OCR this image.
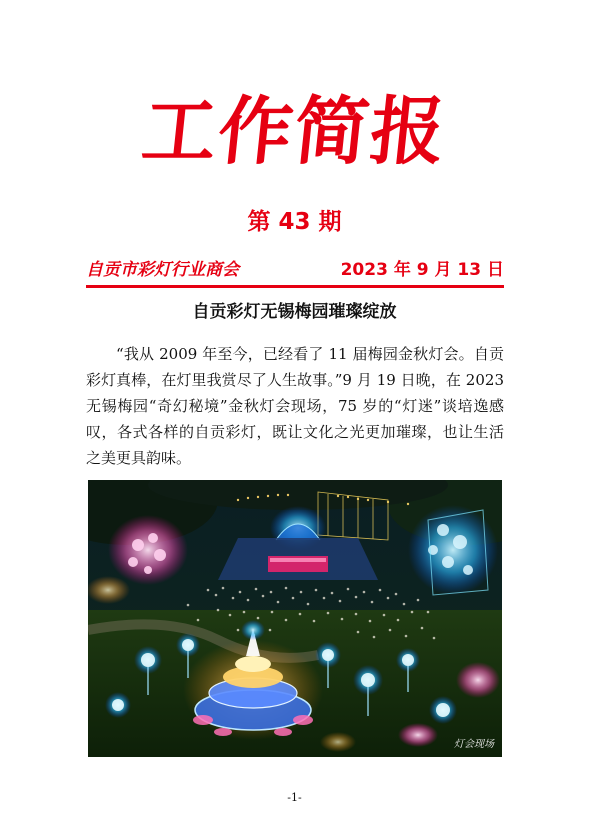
工作简报
第 43 期
自贡市彩灯行业商会	2023 年 9 月 13 日
自贡彩灯无锡梅园璀璨绽放

“我从 2009 年至今，已经看了 11 届梅园金秋灯会。自贡彩灯真棒，在灯里我赏尽了人生故事。”9 月 19 日晚，在 2023 无锡梅园“奇幻秘境”金秋灯会现场，75 岁的“灯迷”谈培逸感叹，各式各样的自贡彩灯，既让文化之光更加璀璨，也让生活之美更具韵味。

灯会现场
-1-
